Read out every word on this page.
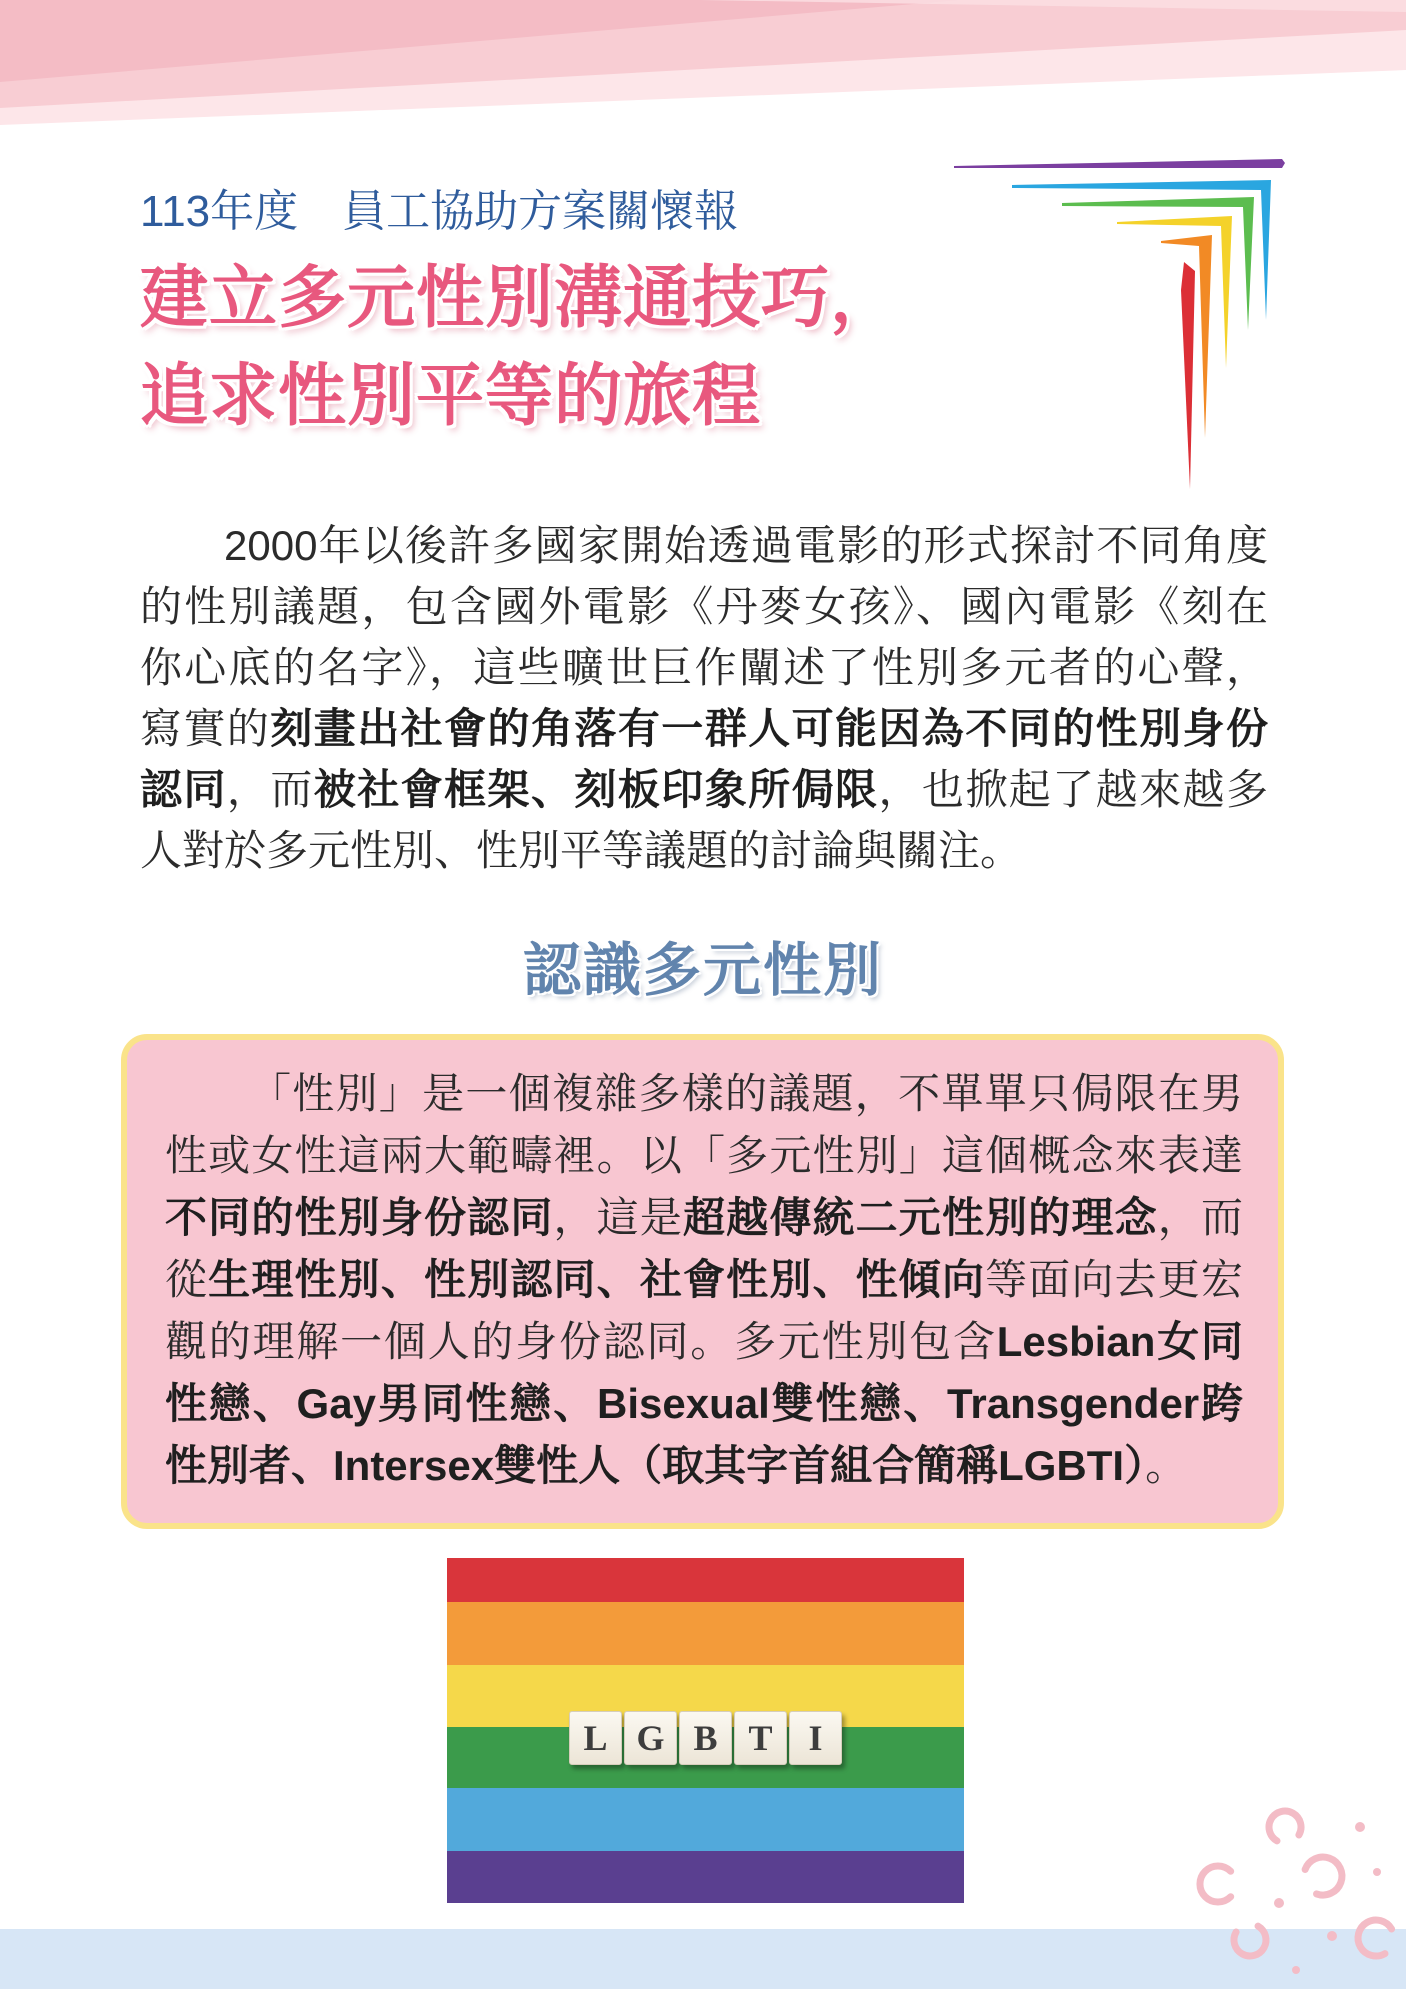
113年度 員工協助方案關懷報
建立多元性別溝通技巧，
追求性別平等的旅程
2000年以後許多國家開始透過電影的形式探討不同角度
的性別議題，包含國外電影《丹麥女孩》、國內電影《刻在
你心底的名字》，這些曠世巨作闡述了性別多元者的心聲，
寫實的刻畫出社會的角落有一群人可能因為不同的性別身份
認同，而被社會框架、刻板印象所侷限，也掀起了越來越多
人對於多元性別、性別平等議題的討論與關注。
認識多元性別
「性別」是一個複雜多樣的議題，不單單只侷限在男
性或女性這兩大範疇裡。以「多元性別」這個概念來表達
不同的性別身份認同，這是超越傳統二元性別的理念，而
從生理性別、性別認同、社會性別、性傾向等面向去更宏
觀的理解一個人的身份認同。多元性別包含Lesbian女同
性戀、Gay男同性戀、Bisexual雙性戀、Transgender跨
性別者、Intersex雙性人（取其字首組合簡稱LGBTI）。
L G B T I
